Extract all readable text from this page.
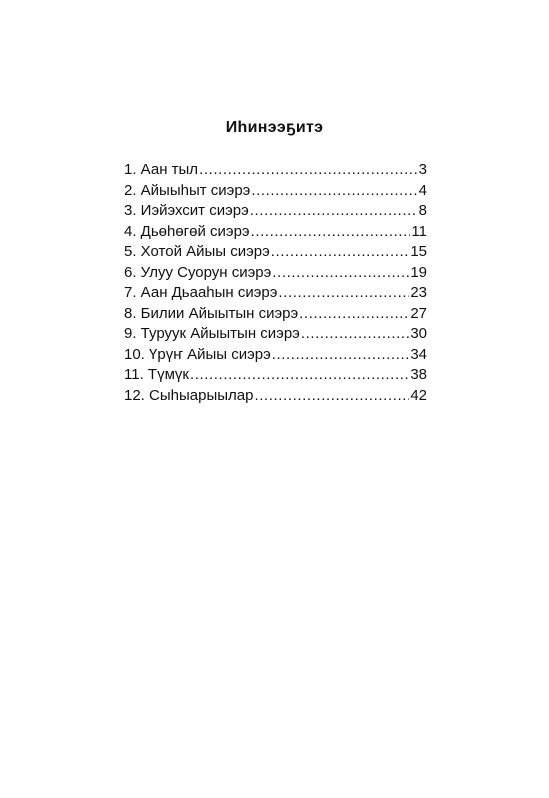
Иһинээҕитэ
1. Аан тыл .....	3
2. Айыыһыт сиэрэ .....	4
3. Иэйэхсит сиэрэ .....	8
4. Дьөһөгөй сиэрэ .....	11
5. Хотой Айыы сиэрэ .....	15
6. Улуу Суорун сиэрэ .....	19
7. Аан Дьааһын сиэрэ .....	23
8. Билии Айыытын сиэрэ .....	27
9. Туруук Айыытын сиэрэ .....	30
10. Үрүҥ Айыы сиэрэ .....	34
11. Түмүк .....	38
12. Сыһыарыылар .....	42
